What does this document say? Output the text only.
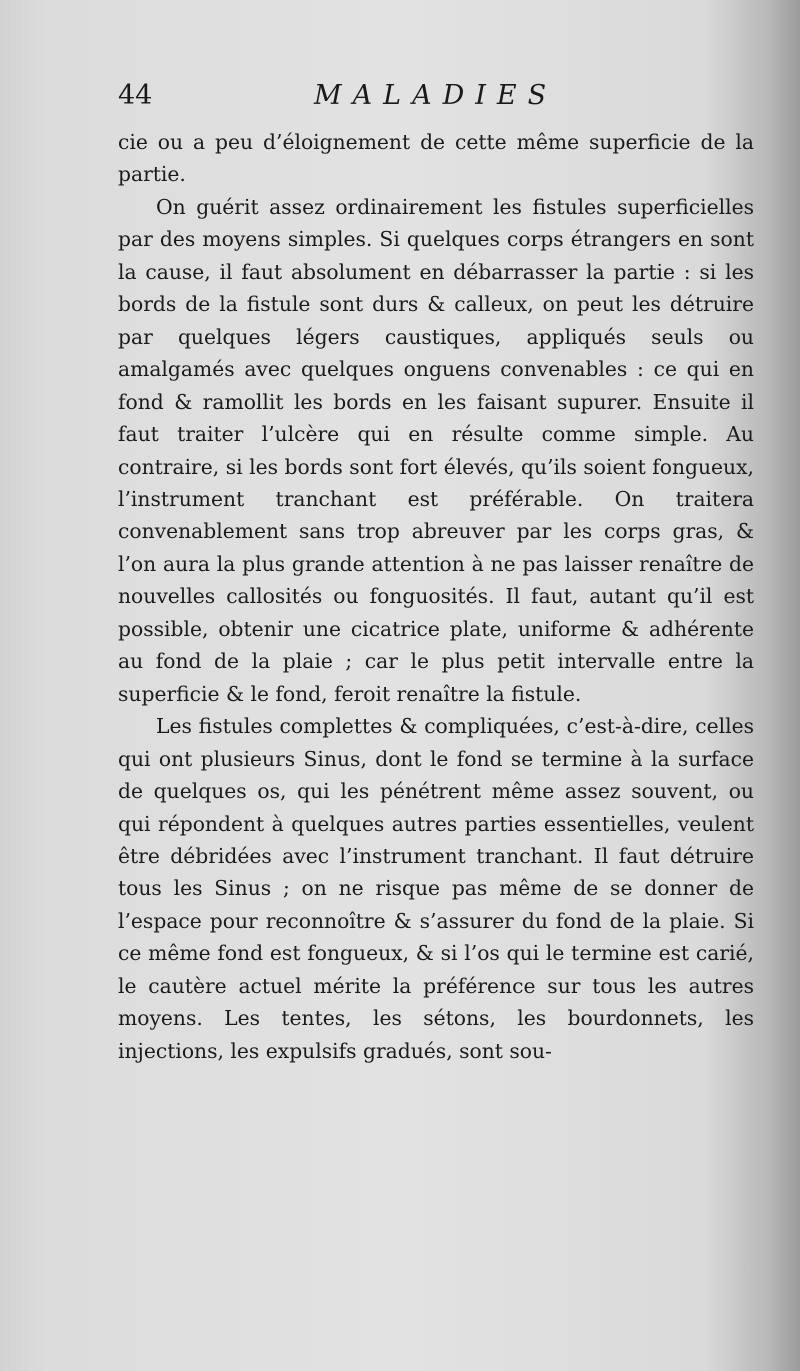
44	MALADIES

cie ou a peu d’éloignement de cette même superficie de la partie.

On guérit assez ordinairement les fistules superficielles par des moyens simples. Si quelques corps étrangers en sont la cause, il faut absolument en débarrasser la partie : si les bords de la fistule sont durs & calleux, on peut les détruire par quelques légers caustiques, appliqués seuls ou amalgamés avec quelques onguens convenables : ce qui en fond & ramollit les bords en les faisant supurer. Ensuite il faut traiter l’ulcère qui en résulte comme simple. Au contraire, si les bords sont fort élevés, qu’ils soient fongueux, l’instrument tranchant est préférable. On traitera convenablement sans trop abreuver par les corps gras, & l’on aura la plus grande attention à ne pas laisser renaître de nouvelles callosités ou fonguosités. Il faut, autant qu’il est possible, obtenir une cicatrice plate, uniforme & adhérente au fond de la plaie ; car le plus petit intervalle entre la superficie & le fond, feroit renaître la fistule.

Les fistules complettes & compliquées, c’est-à-dire, celles qui ont plusieurs Sinus, dont le fond se termine à la surface de quelques os, qui les pénétrent même assez souvent, ou qui répondent à quelques autres parties essentielles, veulent être débridées avec l’instrument tranchant. Il faut détruire tous les Sinus ; on ne risque pas même de se donner de l’espace pour reconnoître & s’assurer du fond de la plaie. Si ce même fond est fongueux, & si l’os qui le termine est carié, le cautère actuel mérite la préférence sur tous les autres moyens. Les tentes, les sétons, les bourdonnets, les injections, les expulsifs gradués, sont sou-
